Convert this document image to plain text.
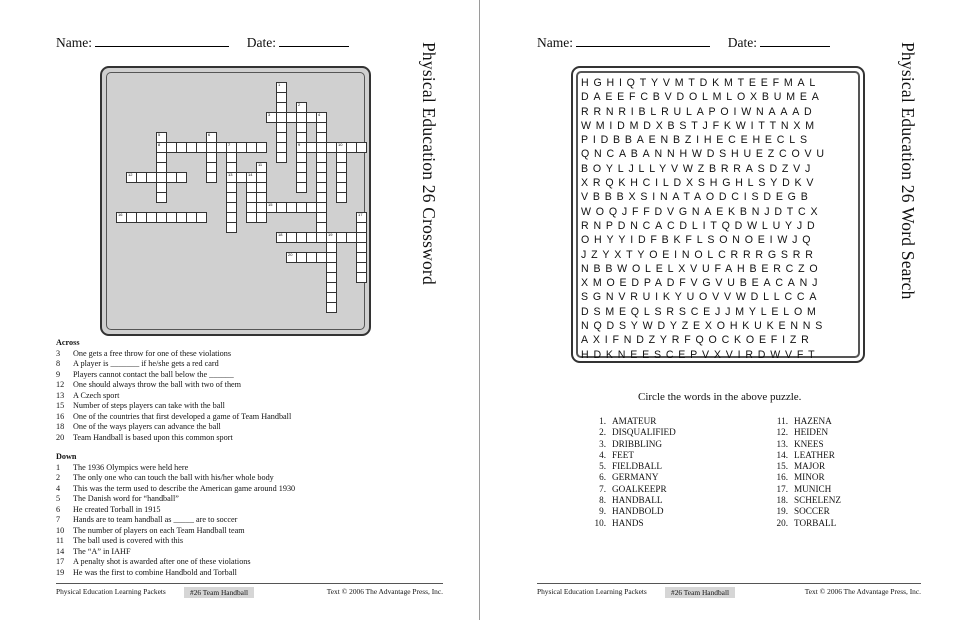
Name:	Date:	Physical Education 26 Crossword
1
2
9
3	4
5
8
6
7
13
10
11
12	14
15
16	17
18	19
20
Across
3 One gets a free throw for one of these violations
8 A player is _______ if he/she gets a red card
9 Players cannot contact the ball below the ______
12 One should always throw the ball with two of them
13 A Czech sport
15 Number of steps players can take with the ball
16 One of the countries that first developed a game of Team Handball
18 One of the ways players can advance the ball
20 Team Handball is based upon this common sport
Down
1 The 1936 Olympics were held here
2 The only one who can touch the ball with his/her whole body
4 This was the term used to describe the American game around 1930
5 The Danish word for “handball”
6 He created Torball in 1915
7 Hands are to team handball as _____ are to soccer
10 The number of players on each Team Handball team
11 The ball used is covered with this
14 The “A” in IAHF
17 A penalty shot is awarded after one of these violations
19 He was the first to combine Handbold and Torball
Physical Education Learning Packets	#26 Team Handball	Text © 2006 The Advantage Press, Inc.
Name:	Date:	Physical Education 26 Word Search
HGHIQTYVMTDKMTEEFMAL
DAEEFCBVDOLMLOXBUMEA
RRNRIBLRULAPOIWNAAAD
WMIDMDXBSTJFKWITTNXM
PIDBBAENBZIHECEHECLS
QNCABANNHWDSHUEZCOVU
BOYLJLLYVWZBRRASDZVJ
XRQKHCILDXSHGHLSYDKV
VBBBXSINATAODCISDEGB
WOQJFFDVGNAEKBNJDTCX
RNPDNCACDLITQDWLUYJD
OHYYIDFBKFLSONOEIWJQ
JZYXTYOEINOLCRRRGSRR
NBBWOLELXVUFAHBERCZO
XMOEDPADFVGVUBEACANJ
SGNVRUIKYUOVVWDLLCCA
DSMEQLSRSCEJJMYLELOM
NQDSYWDYZEXOHKUKENNS
AXIFNDZYRFQOCKOEFIZR
HDKNEESCEPVXVIRDWVFT
Circle the words in the above puzzle.
1. AMATEUR
2. DISQUALIFIED
3. DRIBBLING
4. FEET
5. FIELDBALL
6. GERMANY
7. GOALKEEPR
8. HANDBALL
9. HANDBOLD
10. HANDS
11. HAZENA
12. HEIDEN
13. KNEES
14. LEATHER
15. MAJOR
16. MINOR
17. MUNICH
18. SCHELENZ
19. SOCCER
20. TORBALL
Physical Education Learning Packets	#26 Team Handball	Text © 2006 The Advantage Press, Inc.
